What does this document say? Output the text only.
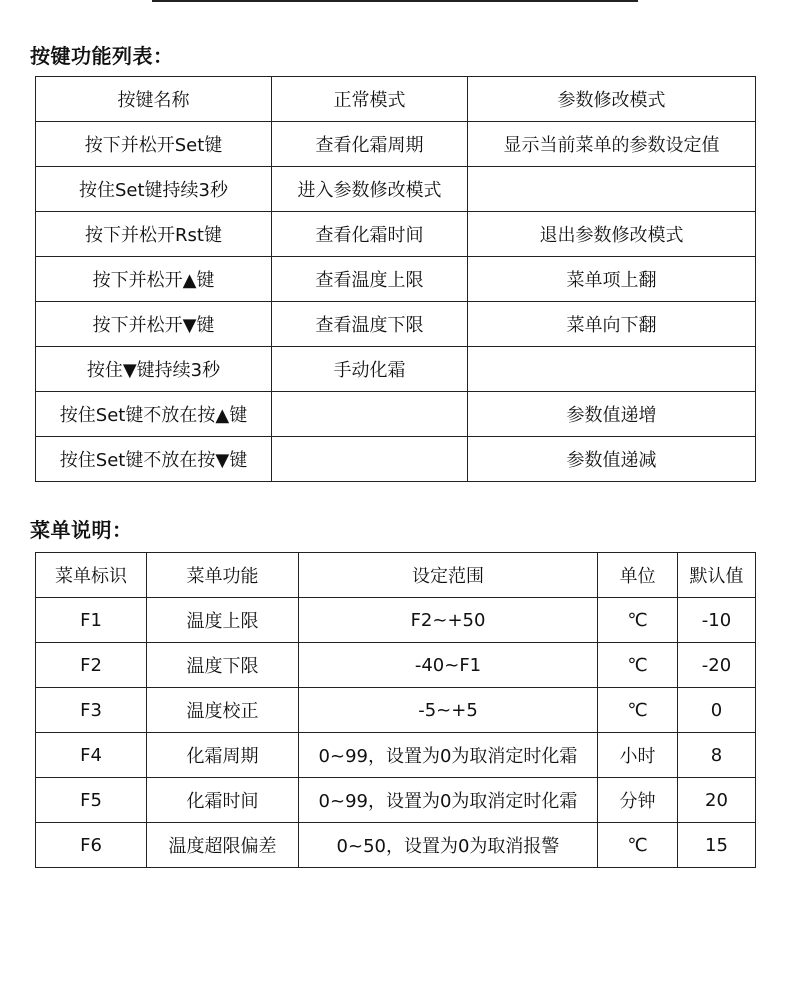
按键功能列表：
按键名称	正常模式	参数修改模式
按下并松开Set键	查看化霜周期	显示当前菜单的参数设定值
按住Set键持续3秒	进入参数修改模式	
按下并松开Rst键	查看化霜时间	退出参数修改模式
按下并松开▲键	查看温度上限	菜单项上翻
按下并松开▼键	查看温度下限	菜单向下翻
按住▼键持续3秒	手动化霜	
按住Set键不放在按▲键		参数值递增
按住Set键不放在按▼键		参数值递减
菜单说明：
菜单标识	菜单功能	设定范围	单位	默认值
F1	温度上限	F2~+50	℃	-10
F2	温度下限	-40~F1	℃	-20
F3	温度校正	-5~+5	℃	0
F4	化霜周期	0~99，设置为0为取消定时化霜	小时	8
F5	化霜时间	0~99，设置为0为取消定时化霜	分钟	20
F6	温度超限偏差	0~50，设置为0为取消报警	℃	15
